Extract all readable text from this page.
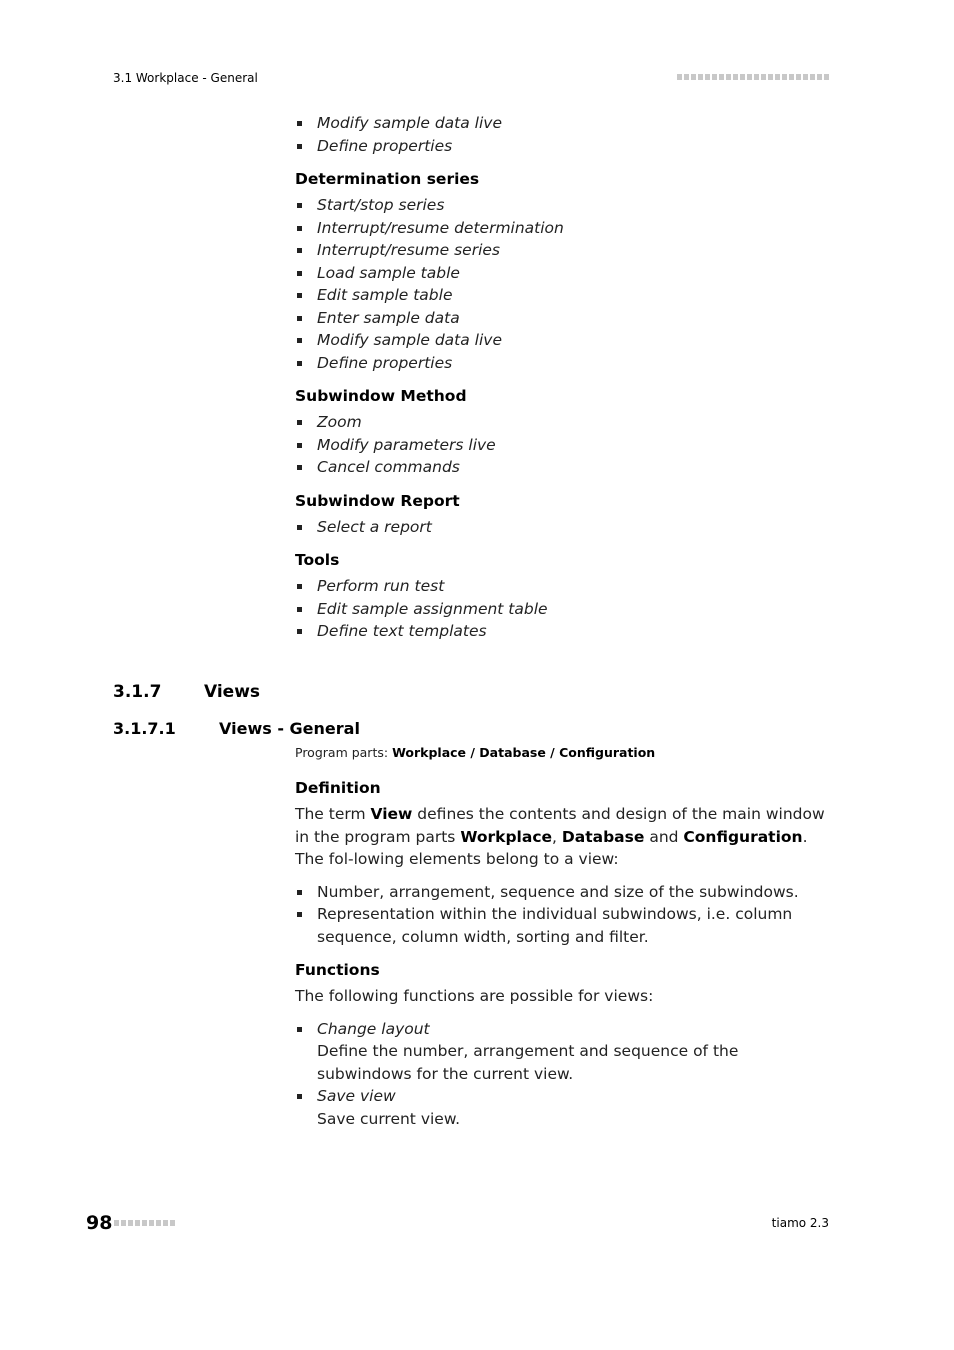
3.1 Workplace - General
Modify sample data live
Define properties
Determination series
Start/stop series
Interrupt/resume determination
Interrupt/resume series
Load sample table
Edit sample table
Enter sample data
Modify sample data live
Define properties
Subwindow Method
Zoom
Modify parameters live
Cancel commands
Subwindow Report
Select a report
Tools
Perform run test
Edit sample assignment table
Define text templates
3.1.7	Views
3.1.7.1	Views - General
Program parts: Workplace / Database / Configuration
Definition

The term View defines the contents and design of the main window in the program parts Workplace, Database and Configuration. The fol-lowing elements belong to a view:

Number, arrangement, sequence and size of the subwindows.
Representation within the individual subwindows, i.e. column sequence, column width, sorting and filter.
Functions

The following functions are possible for views:

Change layout
Define the number, arrangement and sequence of the subwindows for the current view.
Save view
Save current view.
98	tiamo 2.3
